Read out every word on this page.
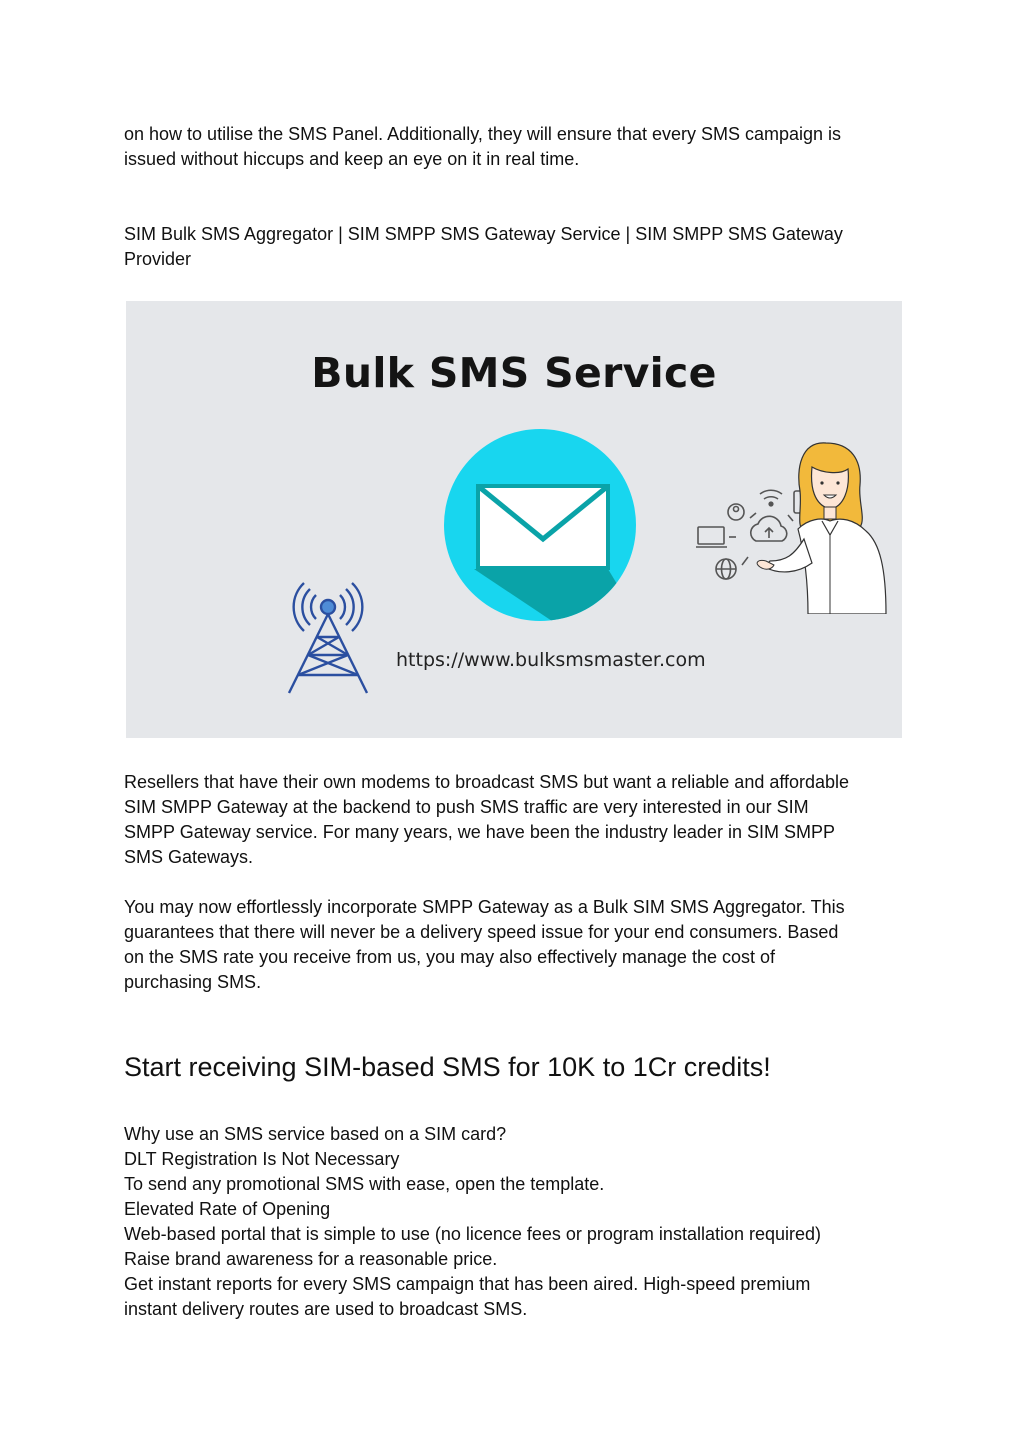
on how to utilise the SMS Panel. Additionally, they will ensure that every SMS campaign is
issued without hiccups and keep an eye on it in real time.

SIM Bulk SMS Aggregator | SIM SMPP SMS Gateway Service | SIM SMPP SMS Gateway
Provider

Bulk SMS Service
https://www.bulksmsmaster.com

Resellers that have their own modems to broadcast SMS but want a reliable and affordable
SIM SMPP Gateway at the backend to push SMS traffic are very interested in our SIM
SMPP Gateway service. For many years, we have been the industry leader in SIM SMPP
SMS Gateways.

You may now effortlessly incorporate SMPP Gateway as a Bulk SIM SMS Aggregator. This
guarantees that there will never be a delivery speed issue for your end consumers. Based
on the SMS rate you receive from us, you may also effectively manage the cost of
purchasing SMS.

Start receiving SIM-based SMS for 10K to 1Cr credits!

Why use an SMS service based on a SIM card?
DLT Registration Is Not Necessary
To send any promotional SMS with ease, open the template.
Elevated Rate of Opening
Web-based portal that is simple to use (no licence fees or program installation required)
Raise brand awareness for a reasonable price.
Get instant reports for every SMS campaign that has been aired. High-speed premium
instant delivery routes are used to broadcast SMS.
